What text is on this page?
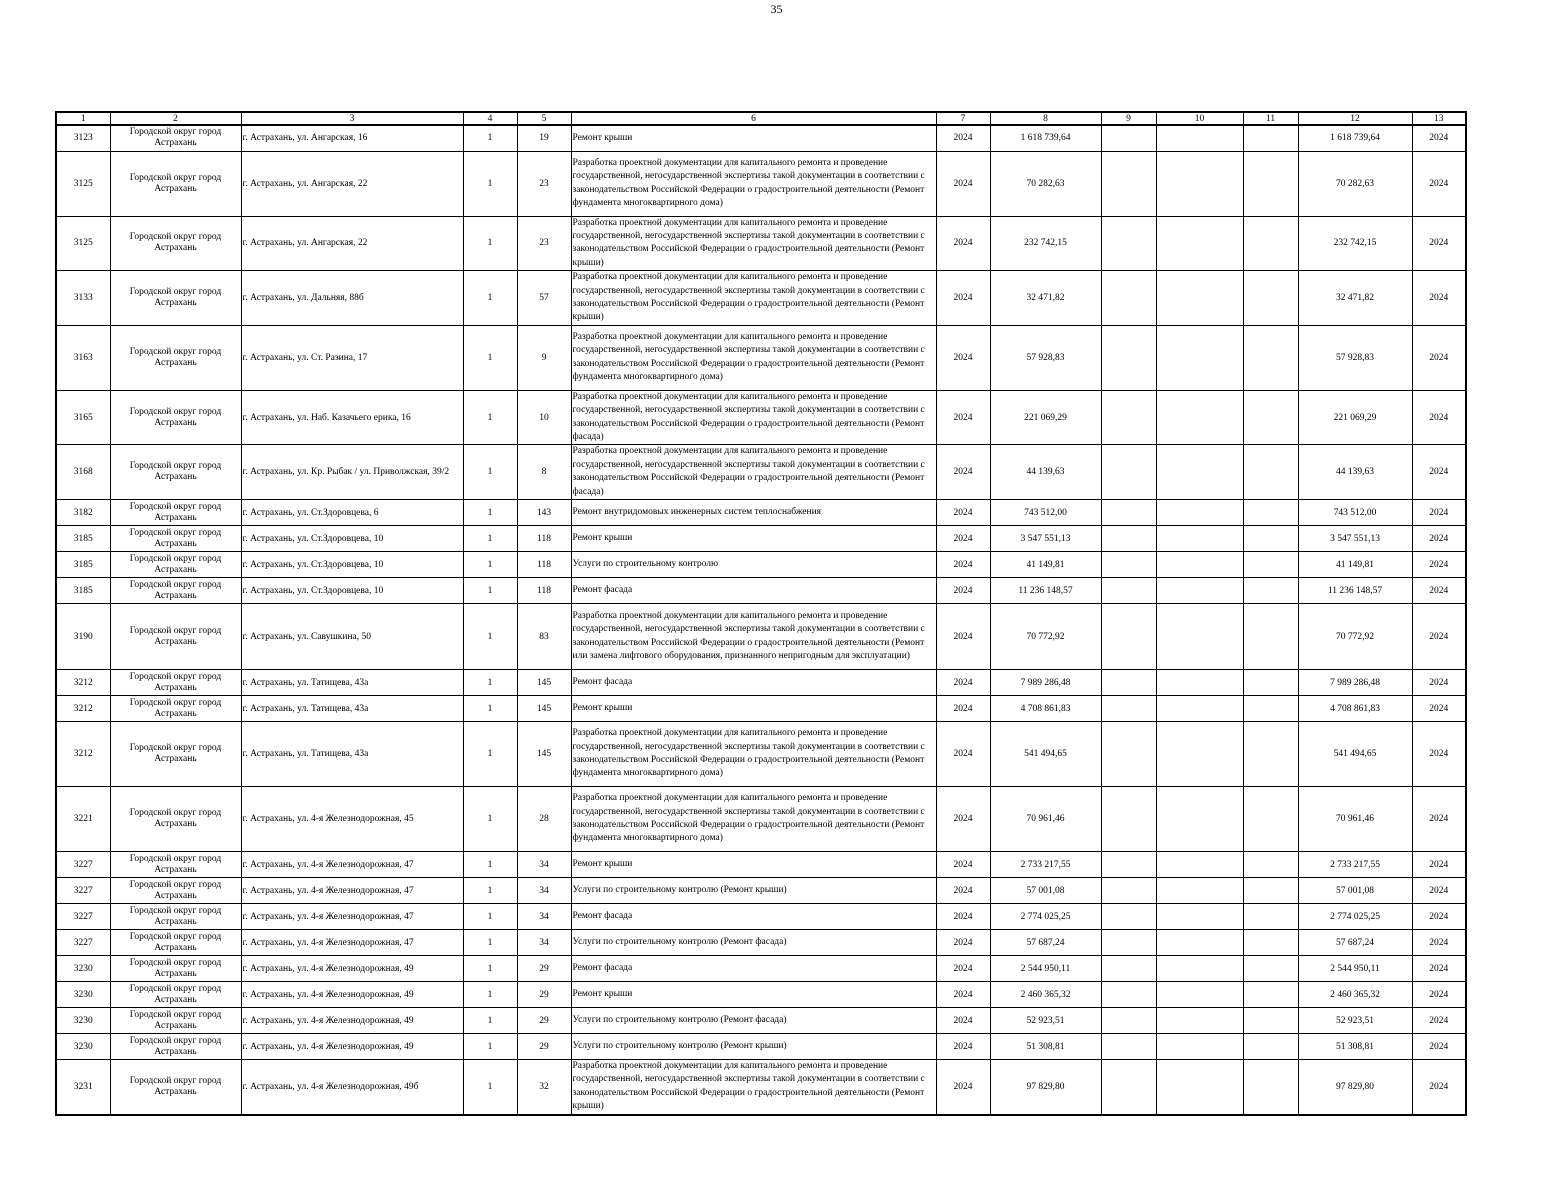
35
1	2	3	4	5	6	7	8	9	10	11	12	13
3123	Городской округ город Астрахань	г. Астрахань, ул. Ангарская, 16	1	19	Ремонт крыши	2024	1 618 739,64				1 618 739,64	2024
3125	Городской округ город Астрахань	г. Астрахань, ул. Ангарская, 22	1	23	Разработка проектной документации для капитального ремонта и проведение государственной, негосударственной экспертизы такой документации в соответствии с законодательством Российской Федерации о градостроительной деятельности (Ремонт фундамента многоквартирного дома)	2024	70 282,63				70 282,63	2024
3125	Городской округ город Астрахань	г. Астрахань, ул. Ангарская, 22	1	23	Разработка проектной документации для капитального ремонта и проведение государственной, негосударственной экспертизы такой документации в соответствии с законодательством Российской Федерации о градостроительной деятельности (Ремонт крыши)	2024	232 742,15				232 742,15	2024
3133	Городской округ город Астрахань	г. Астрахань, ул. Дальняя, 88б	1	57	Разработка проектной документации для капитального ремонта и проведение государственной, негосударственной экспертизы такой документации в соответствии с законодательством Российской Федерации о градостроительной деятельности (Ремонт крыши)	2024	32 471,82				32 471,82	2024
3163	Городской округ город Астрахань	г. Астрахань, ул. Ст. Разина, 17	1	9	Разработка проектной документации для капитального ремонта и проведение государственной, негосударственной экспертизы такой документации в соответствии с законодательством Российской Федерации о градостроительной деятельности (Ремонт фундамента многоквартирного дома)	2024	57 928,83				57 928,83	2024
3165	Городской округ город Астрахань	г. Астрахань, ул. Наб. Казачьего ерика, 16	1	10	Разработка проектной документации для капитального ремонта и проведение государственной, негосударственной экспертизы такой документации в соответствии с законодательством Российской Федерации о градостроительной деятельности (Ремонт фасада)	2024	221 069,29				221 069,29	2024
3168	Городской округ город Астрахань	г. Астрахань, ул. Кр. Рыбак / ул. Приволжская, 39/2	1	8	Разработка проектной документации для капитального ремонта и проведение государственной, негосударственной экспертизы такой документации в соответствии с законодательством Российской Федерации о градостроительной деятельности (Ремонт фасада)	2024	44 139,63				44 139,63	2024
3182	Городской округ город Астрахань	г. Астрахань, ул. Ст.Здоровцева, 6	1	143	Ремонт внутридомовых инженерных систем теплоснабжения	2024	743 512,00				743 512,00	2024
3185	Городской округ город Астрахань	г. Астрахань, ул. Ст.Здоровцева, 10	1	118	Ремонт крыши	2024	3 547 551,13				3 547 551,13	2024
3185	Городской округ город Астрахань	г. Астрахань, ул. Ст.Здоровцева, 10	1	118	Услуги по строительному контролю	2024	41 149,81				41 149,81	2024
3185	Городской округ город Астрахань	г. Астрахань, ул. Ст.Здоровцева, 10	1	118	Ремонт фасада	2024	11 236 148,57				11 236 148,57	2024
3190	Городской округ город Астрахань	г. Астрахань, ул. Савушкина, 50	1	83	Разработка проектной документации для капитального ремонта и проведение государственной, негосударственной экспертизы такой документации в соответствии с законодательством Российской Федерации о градостроительной деятельности (Ремонт или замена лифтового оборудования, признанного непригодным для эксплуатации)	2024	70 772,92				70 772,92	2024
3212	Городской округ город Астрахань	г. Астрахань, ул. Татищева, 43а	1	145	Ремонт фасада	2024	7 989 286,48				7 989 286,48	2024
3212	Городской округ город Астрахань	г. Астрахань, ул. Татищева, 43а	1	145	Ремонт крыши	2024	4 708 861,83				4 708 861,83	2024
3212	Городской округ город Астрахань	г. Астрахань, ул. Татищева, 43а	1	145	Разработка проектной документации для капитального ремонта и проведение государственной, негосударственной экспертизы такой документации в соответствии с законодательством Российской Федерации о градостроительной деятельности (Ремонт фундамента многоквартирного дома)	2024	541 494,65				541 494,65	2024
3221	Городской округ город Астрахань	г. Астрахань, ул. 4-я Железнодорожная, 45	1	28	Разработка проектной документации для капитального ремонта и проведение государственной, негосударственной экспертизы такой документации в соответствии с законодательством Российской Федерации о градостроительной деятельности (Ремонт фундамента многоквартирного дома)	2024	70 961,46				70 961,46	2024
3227	Городской округ город Астрахань	г. Астрахань, ул. 4-я Железнодорожная, 47	1	34	Ремонт крыши	2024	2 733 217,55				2 733 217,55	2024
3227	Городской округ город Астрахань	г. Астрахань, ул. 4-я Железнодорожная, 47	1	34	Услуги по строительному контролю (Ремонт крыши)	2024	57 001,08				57 001,08	2024
3227	Городской округ город Астрахань	г. Астрахань, ул. 4-я Железнодорожная, 47	1	34	Ремонт фасада	2024	2 774 025,25				2 774 025,25	2024
3227	Городской округ город Астрахань	г. Астрахань, ул. 4-я Железнодорожная, 47	1	34	Услуги по строительному контролю (Ремонт фасада)	2024	57 687,24				57 687,24	2024
3230	Городской округ город Астрахань	г. Астрахань, ул. 4-я Железнодорожная, 49	1	29	Ремонт фасада	2024	2 544 950,11				2 544 950,11	2024
3230	Городской округ город Астрахань	г. Астрахань, ул. 4-я Железнодорожная, 49	1	29	Ремонт крыши	2024	2 460 365,32				2 460 365,32	2024
3230	Городской округ город Астрахань	г. Астрахань, ул. 4-я Железнодорожная, 49	1	29	Услуги по строительному контролю (Ремонт фасада)	2024	52 923,51				52 923,51	2024
3230	Городской округ город Астрахань	г. Астрахань, ул. 4-я Железнодорожная, 49	1	29	Услуги по строительному контролю (Ремонт крыши)	2024	51 308,81				51 308,81	2024
3231	Городской округ город Астрахань	г. Астрахань, ул. 4-я Железнодорожная, 49б	1	32	Разработка проектной документации для капитального ремонта и проведение государственной, негосударственной экспертизы такой документации в соответствии с законодательством Российской Федерации о градостроительной деятельности (Ремонт крыши)	2024	97 829,80				97 829,80	2024
